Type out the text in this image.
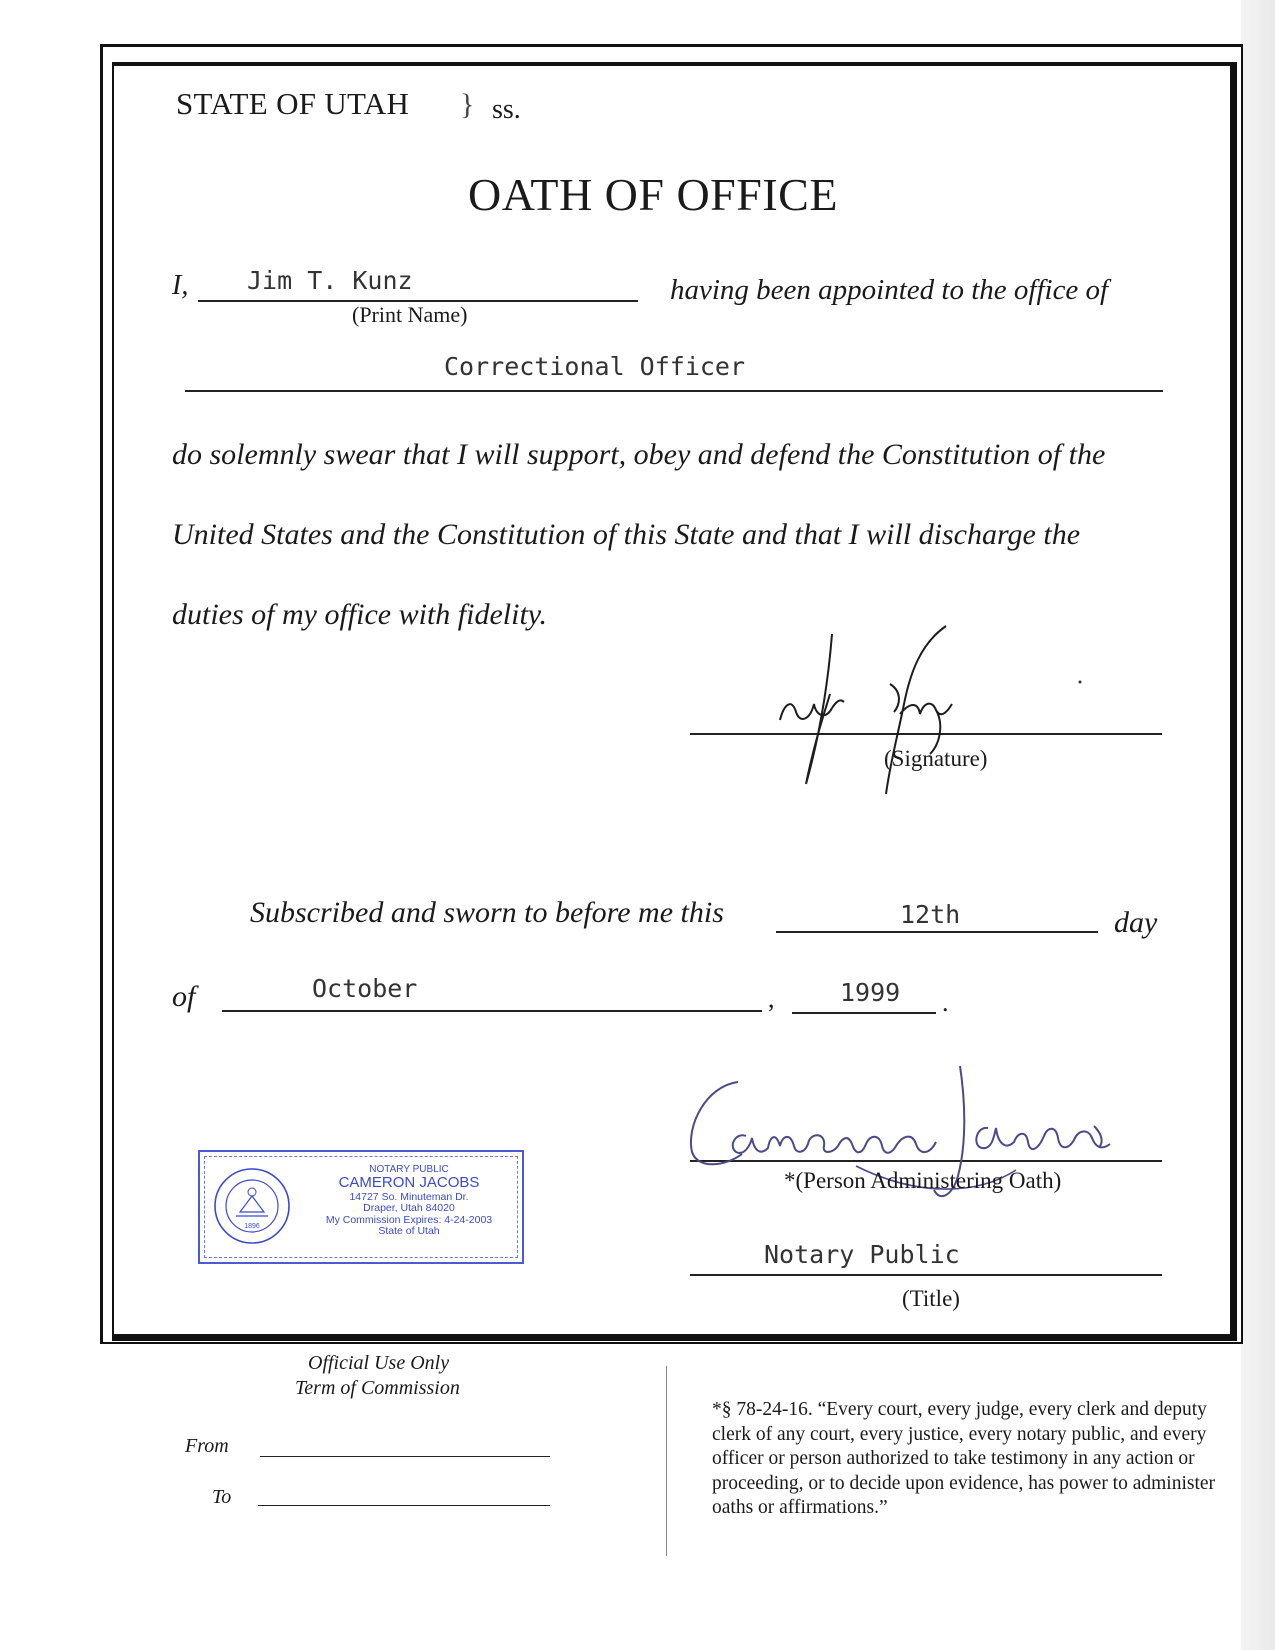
STATE OF UTAH } ss.
OATH OF OFFICE
I, Jim T. Kunz
(Print Name)
having been appointed to the office of
Correctional Officer
do solemnly swear that I will support, obey and defend the Constitution of the
United States and the Constitution of this State and that I will discharge the
duties of my office with fidelity.
(Signature)
Subscribed and sworn to before me this	12th	day
of	October	,	1999 .
*(Person Administering Oath)
1896
NOTARY PUBLIC
CAMERON JACOBS
14727 So. Minuteman Dr.
Draper, Utah 84020
My Commission Expires: 4-24-2003
State of Utah
Notary Public
(Title)
Official Use Only
Term of Commission
From
To
*§ 78-24-16. “Every court, every judge, every clerk and deputy clerk of any court, every justice, every notary public, and every officer or person authorized to take testimony in any action or proceeding, or to decide upon evidence, has power to administer oaths or affirmations.”
